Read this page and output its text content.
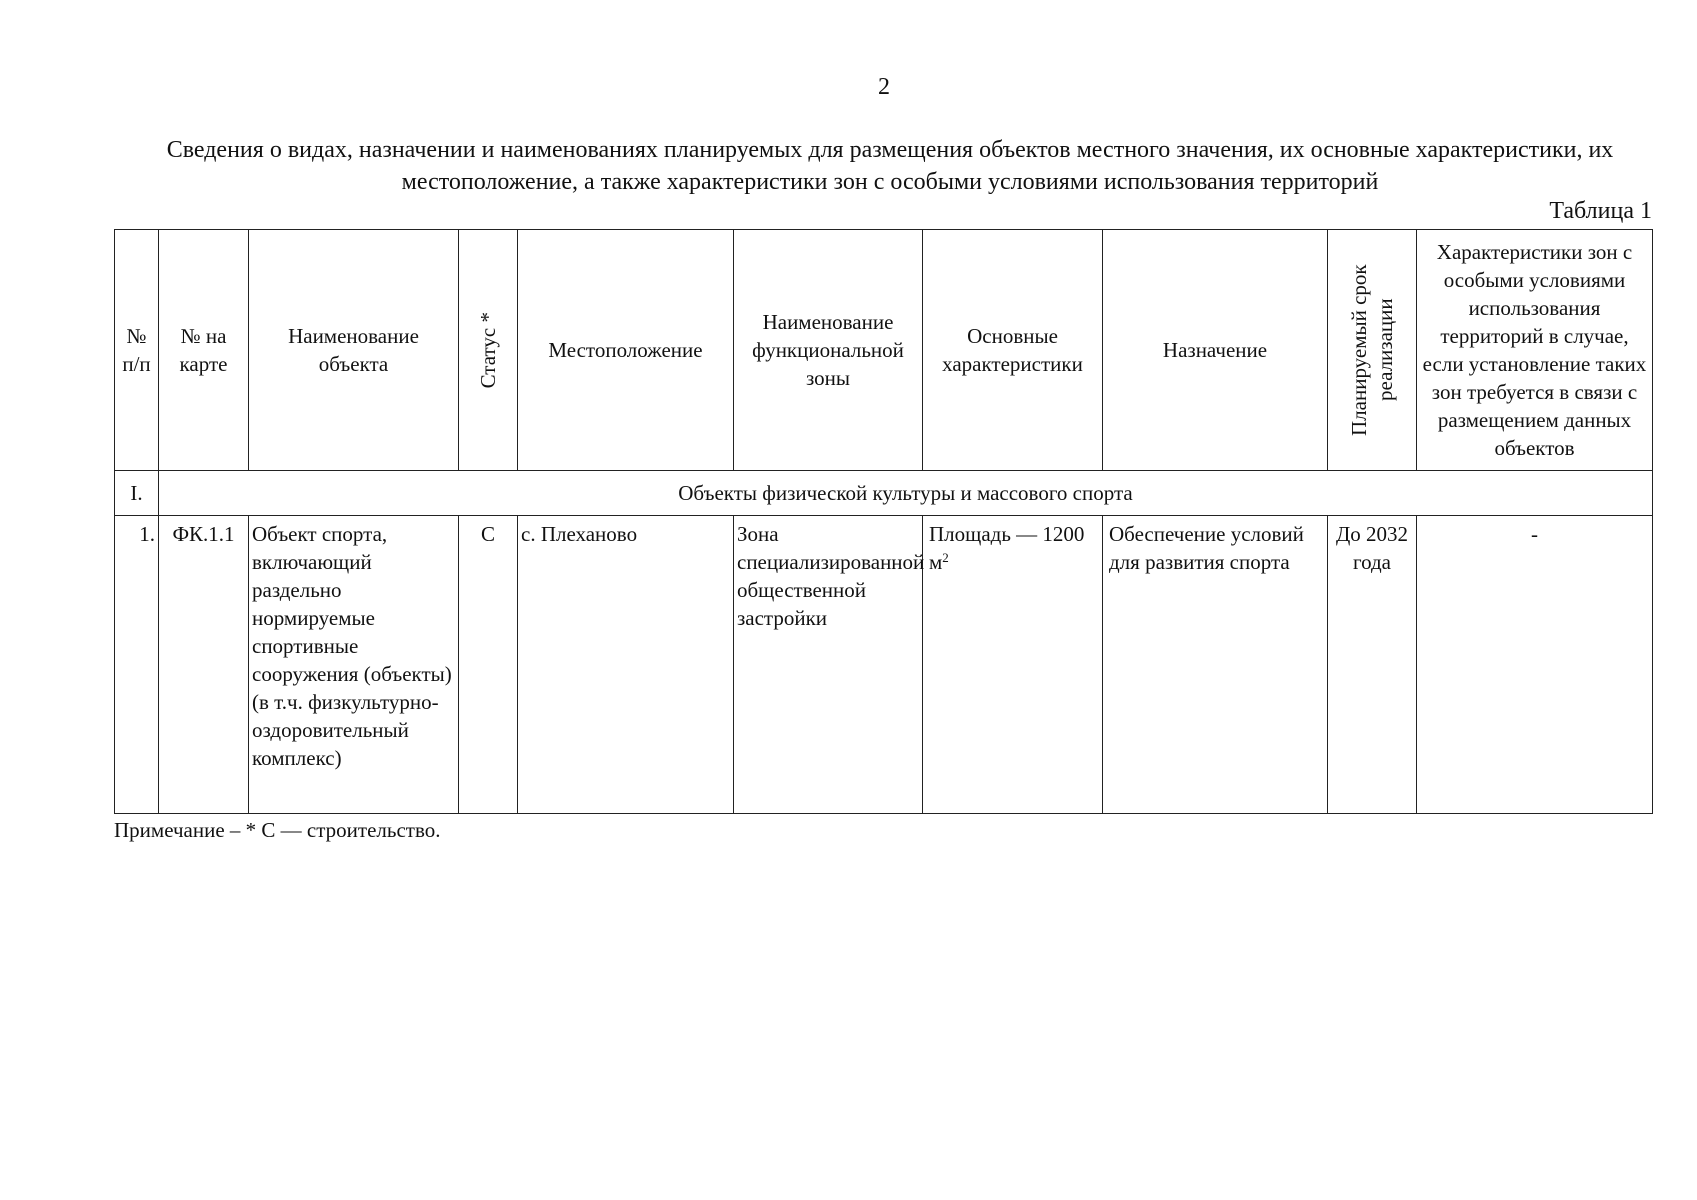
2
Сведения о видах, назначении и наименованиях планируемых для размещения объектов местного значения, их основные характеристики, их местоположение, а также характеристики зон с особыми условиями использования территорий
Таблица 1
№ п/п	№ на карте	Наименование объекта	Статус *	Местоположение	Наименование функциональной зоны	Основные характеристики	Назначение	Планируемый срок реализации	Характеристики зон с особыми условиями использования территорий в случае, если установление таких зон требуется в связи с размещением данных объектов
I.	Объекты физической культуры и массового спорта								
1.	ФК.1.1	Объект спорта, включающий раздельно нормируемые спортивные сооружения (объекты) (в т.ч. физкультурно-оздоровительный комплекс)	С	с. Плеханово	Зона специализированной общественной застройки	Площадь — 1200 $м^2$	Обеспечение условий для развития спорта	До 2032 года	-
Примечание – * С — строительство.
